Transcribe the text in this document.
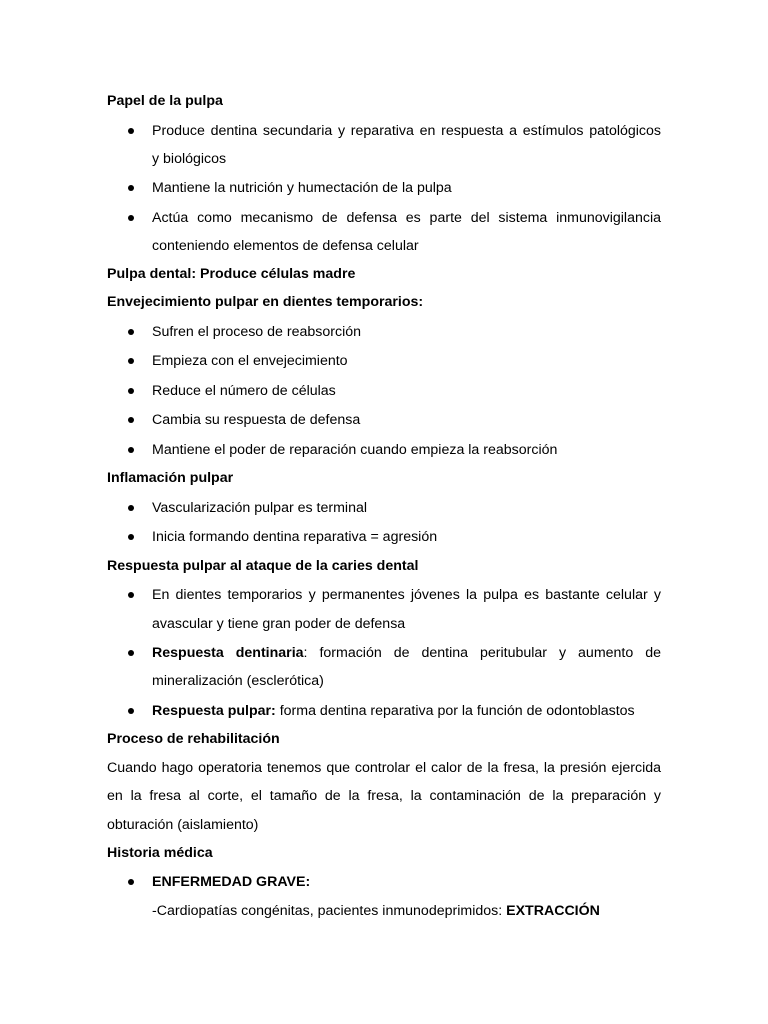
Papel de la pulpa
Produce dentina secundaria y reparativa en respuesta a estímulos patológicos
y biológicos
Mantiene la nutrición y humectación de la pulpa
Actúa como mecanismo de defensa es parte del sistema inmunovigilancia
conteniendo elementos de defensa celular
Pulpa dental: Produce células madre
Envejecimiento pulpar en dientes temporarios:
Sufren el proceso de reabsorción
Empieza con el envejecimiento
Reduce el número de células
Cambia su respuesta de defensa
Mantiene el poder de reparación cuando empieza la reabsorción
Inflamación pulpar
Vascularización pulpar es terminal
Inicia formando dentina reparativa = agresión
Respuesta pulpar al ataque de la caries dental
En dientes temporarios y permanentes jóvenes la pulpa es bastante celular y
avascular y tiene gran poder de defensa
Respuesta dentinaria: formación de dentina peritubular y aumento de
mineralización (esclerótica)
Respuesta pulpar: forma dentina reparativa por la función de odontoblastos
Proceso de rehabilitación
Cuando hago operatoria tenemos que controlar el calor de la fresa, la presión ejercida
en la fresa al corte, el tamaño de la fresa, la contaminación de la preparación y
obturación (aislamiento)
Historia médica
ENFERMEDAD GRAVE:
-Cardiopatías congénitas, pacientes inmunodeprimidos: EXTRACCIÓN
